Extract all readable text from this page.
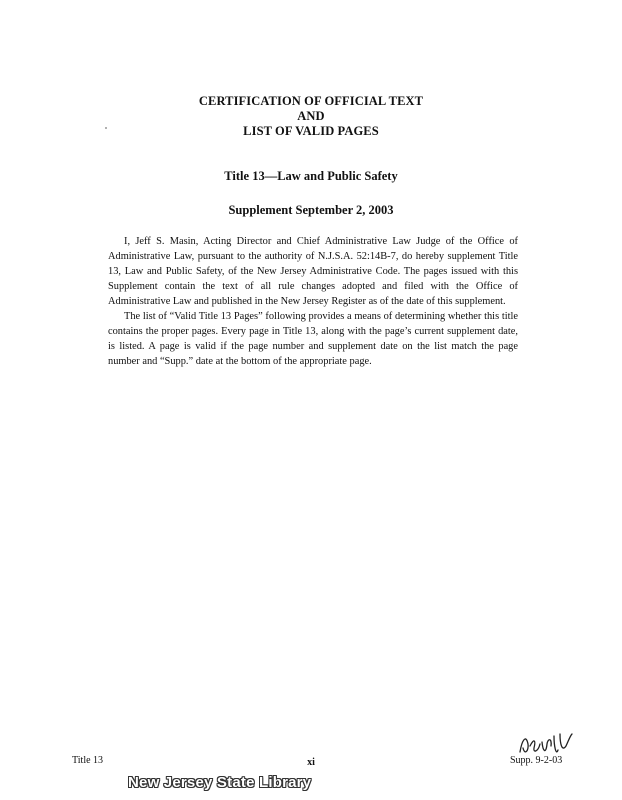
CERTIFICATION OF OFFICIAL TEXT
AND
LIST OF VALID PAGES
Title 13—Law and Public Safety
Supplement September 2, 2003

I, Jeff S. Masin, Acting Director and Chief Administrative Law Judge of the Office of Administrative Law, pursuant to the authority of N.J.S.A. 52:14B-7, do hereby supplement Title 13, Law and Public Safety, of the New Jersey Administrative Code. The pages issued with this Supplement contain the text of all rule changes adopted and filed with the Office of Administrative Law and published in the New Jersey Register as of the date of this supplement.

The list of “Valid Title 13 Pages” following provides a means of determining whether this title contains the proper pages. Every page in Title 13, along with the page’s current supplement date, is listed. A page is valid if the page number and supplement date on the list match the page number and “Supp.” date at the bottom of the appropriate page.

Title 13	xi	Supp. 9-2-03
New Jersey State Library
